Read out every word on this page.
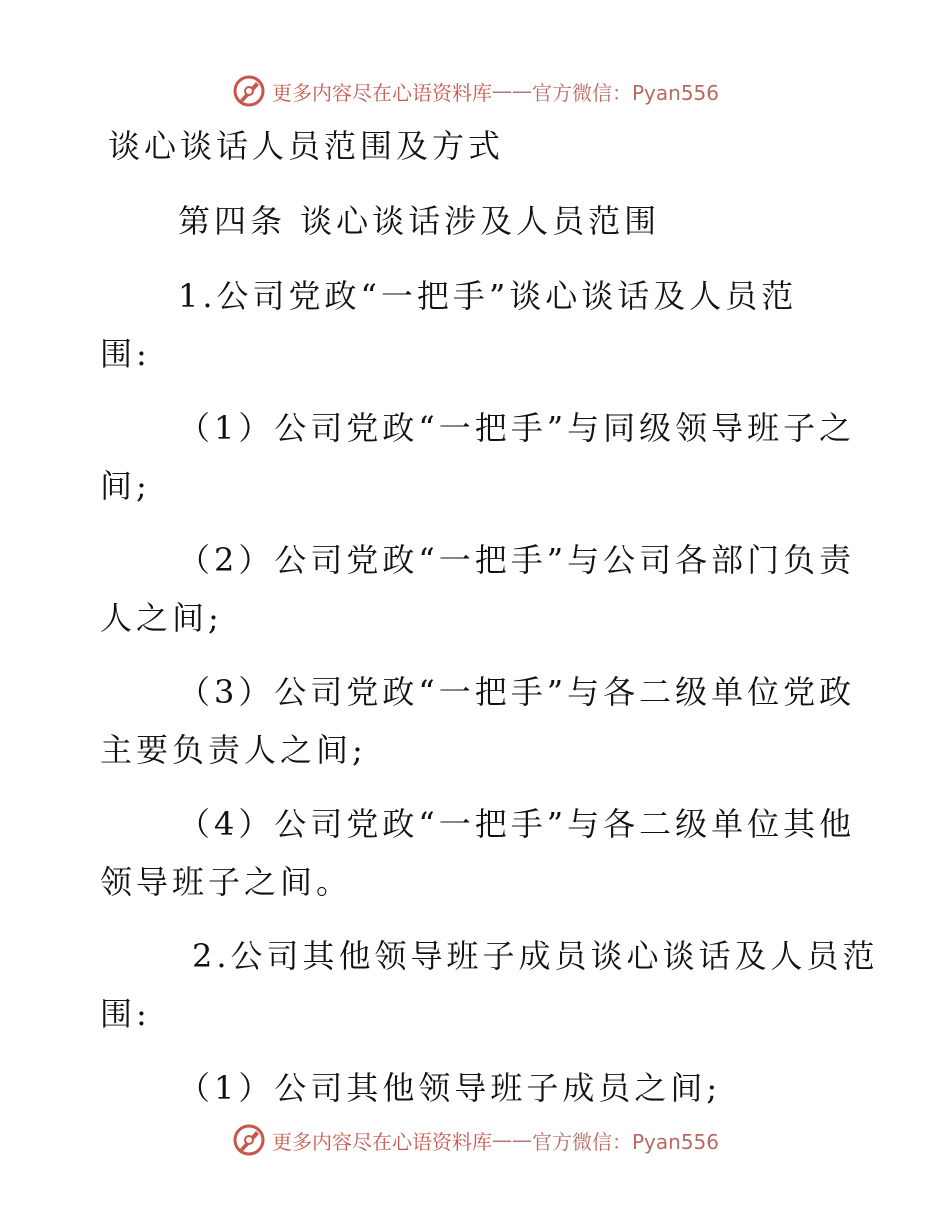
更多内容尽在心语资料库 —— 官方微信：Pyan556
谈心谈话人员范围及方式
第四条 谈心谈话涉及人员范围
1.公司党政“一把手”谈心谈话及人员范
围:
（1）公司党政“一把手”与同级领导班子之
间;
（2）公司党政“一把手”与公司各部门负责
人之间;
（3）公司党政“一把手”与各二级单位党政
主要负责人之间;
（4）公司党政“一把手”与各二级单位其他
领导班子之间。
2.公司其他领导班子成员谈心谈话及人员范
围:
（1）公司其他领导班子成员之间;
更多内容尽在心语资料库 —— 官方微信：Pyan556
